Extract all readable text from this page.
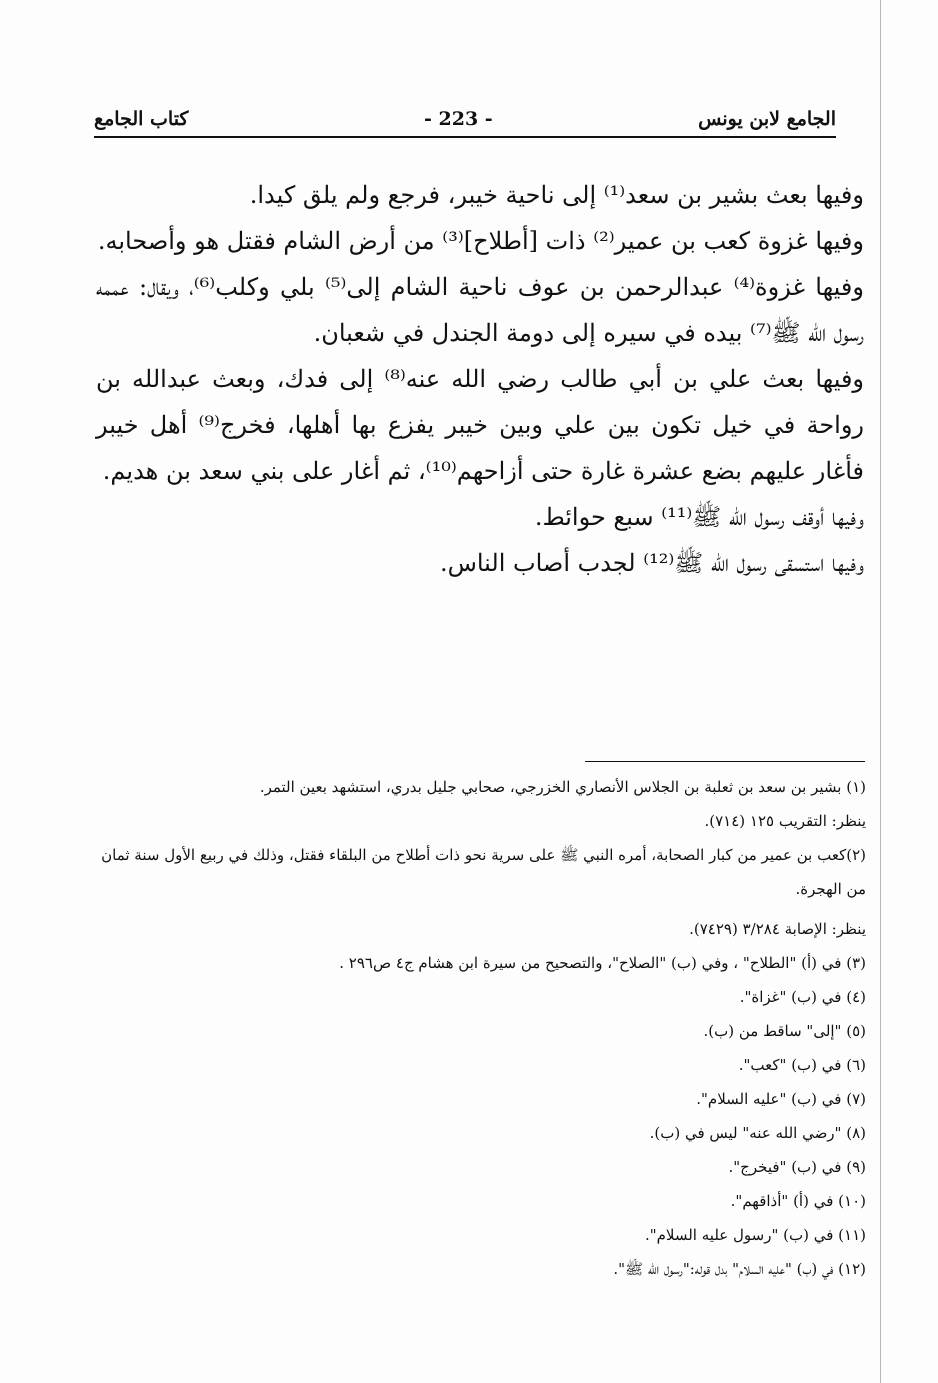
الجامع لابن يونس
- 223 -
كتاب الجامع

وفيها بعث بشير بن سعد⁽¹⁾ إلى ناحية خيبر، فرجع ولم يلق كيدا.

وفيها غزوة كعب بن عمير⁽²⁾ ذات [أطلاح]⁽³⁾ من أرض الشام فقتل هو وأصحابه.

وفيها غزوة⁽⁴⁾ عبدالرحمن بن عوف ناحية الشام إلى⁽⁵⁾ بلي وكلب⁽⁶⁾، ويقال: عممه رسول الله ﷺ⁽⁷⁾ بيده في سيره إلى دومة الجندل في شعبان.

وفيها بعث علي بن أبي طالب رضي الله عنه⁽⁸⁾ إلى فدك، وبعث عبدالله بن رواحة في خيل تكون بين علي وبين خيبر يفزع بها أهلها، فخرج⁽⁹⁾ أهل خيبر فأغار عليهم بضع عشرة غارة حتى أزاحهم⁽¹⁰⁾، ثم أغار على بني سعد بن هديم.

وفيها أوقف رسول الله ﷺ⁽¹¹⁾ سبع حوائط.

وفيها استسقى رسول الله ﷺ⁽¹²⁾ لجدب أصاب الناس.

(١) بشير بن سعد بن ثعلبة بن الجلاس الأنصاري الخزرجي، صحابي جليل بدري، استشهد بعين التمر.

ينظر: التقريب ١٢٥ (٧١٤).

(٢)كعب بن عمير من كبار الصحابة، أمره النبي ﷺ على سرية نحو ذات أطلاح من البلقاء فقتل، وذلك في ربيع الأول سنة ثمان من الهجرة.

ينظر: الإصابة ٣/٢٨٤ (٧٤٢٩).

(٣) في (أ) "الطلاح" ، وفي (ب) "الصلاح"، والتصحيح من سيرة ابن هشام ج٤ ص٢٩٦ .

(٤) في (ب) "غزاة".

(٥) "إلى" ساقط من (ب).

(٦) في (ب) "كعب".

(٧) في (ب) "عليه السلام".

(٨) "رضي الله عنه" ليس في (ب).

(٩) في (ب) "فيخرج".

(١٠) في (أ) "أذاقهم".

(١١) في (ب) "رسول عليه السلام".

(١٢) في (ب) "عليه السلام" بدل قوله:"رسول الله ﷺ".
